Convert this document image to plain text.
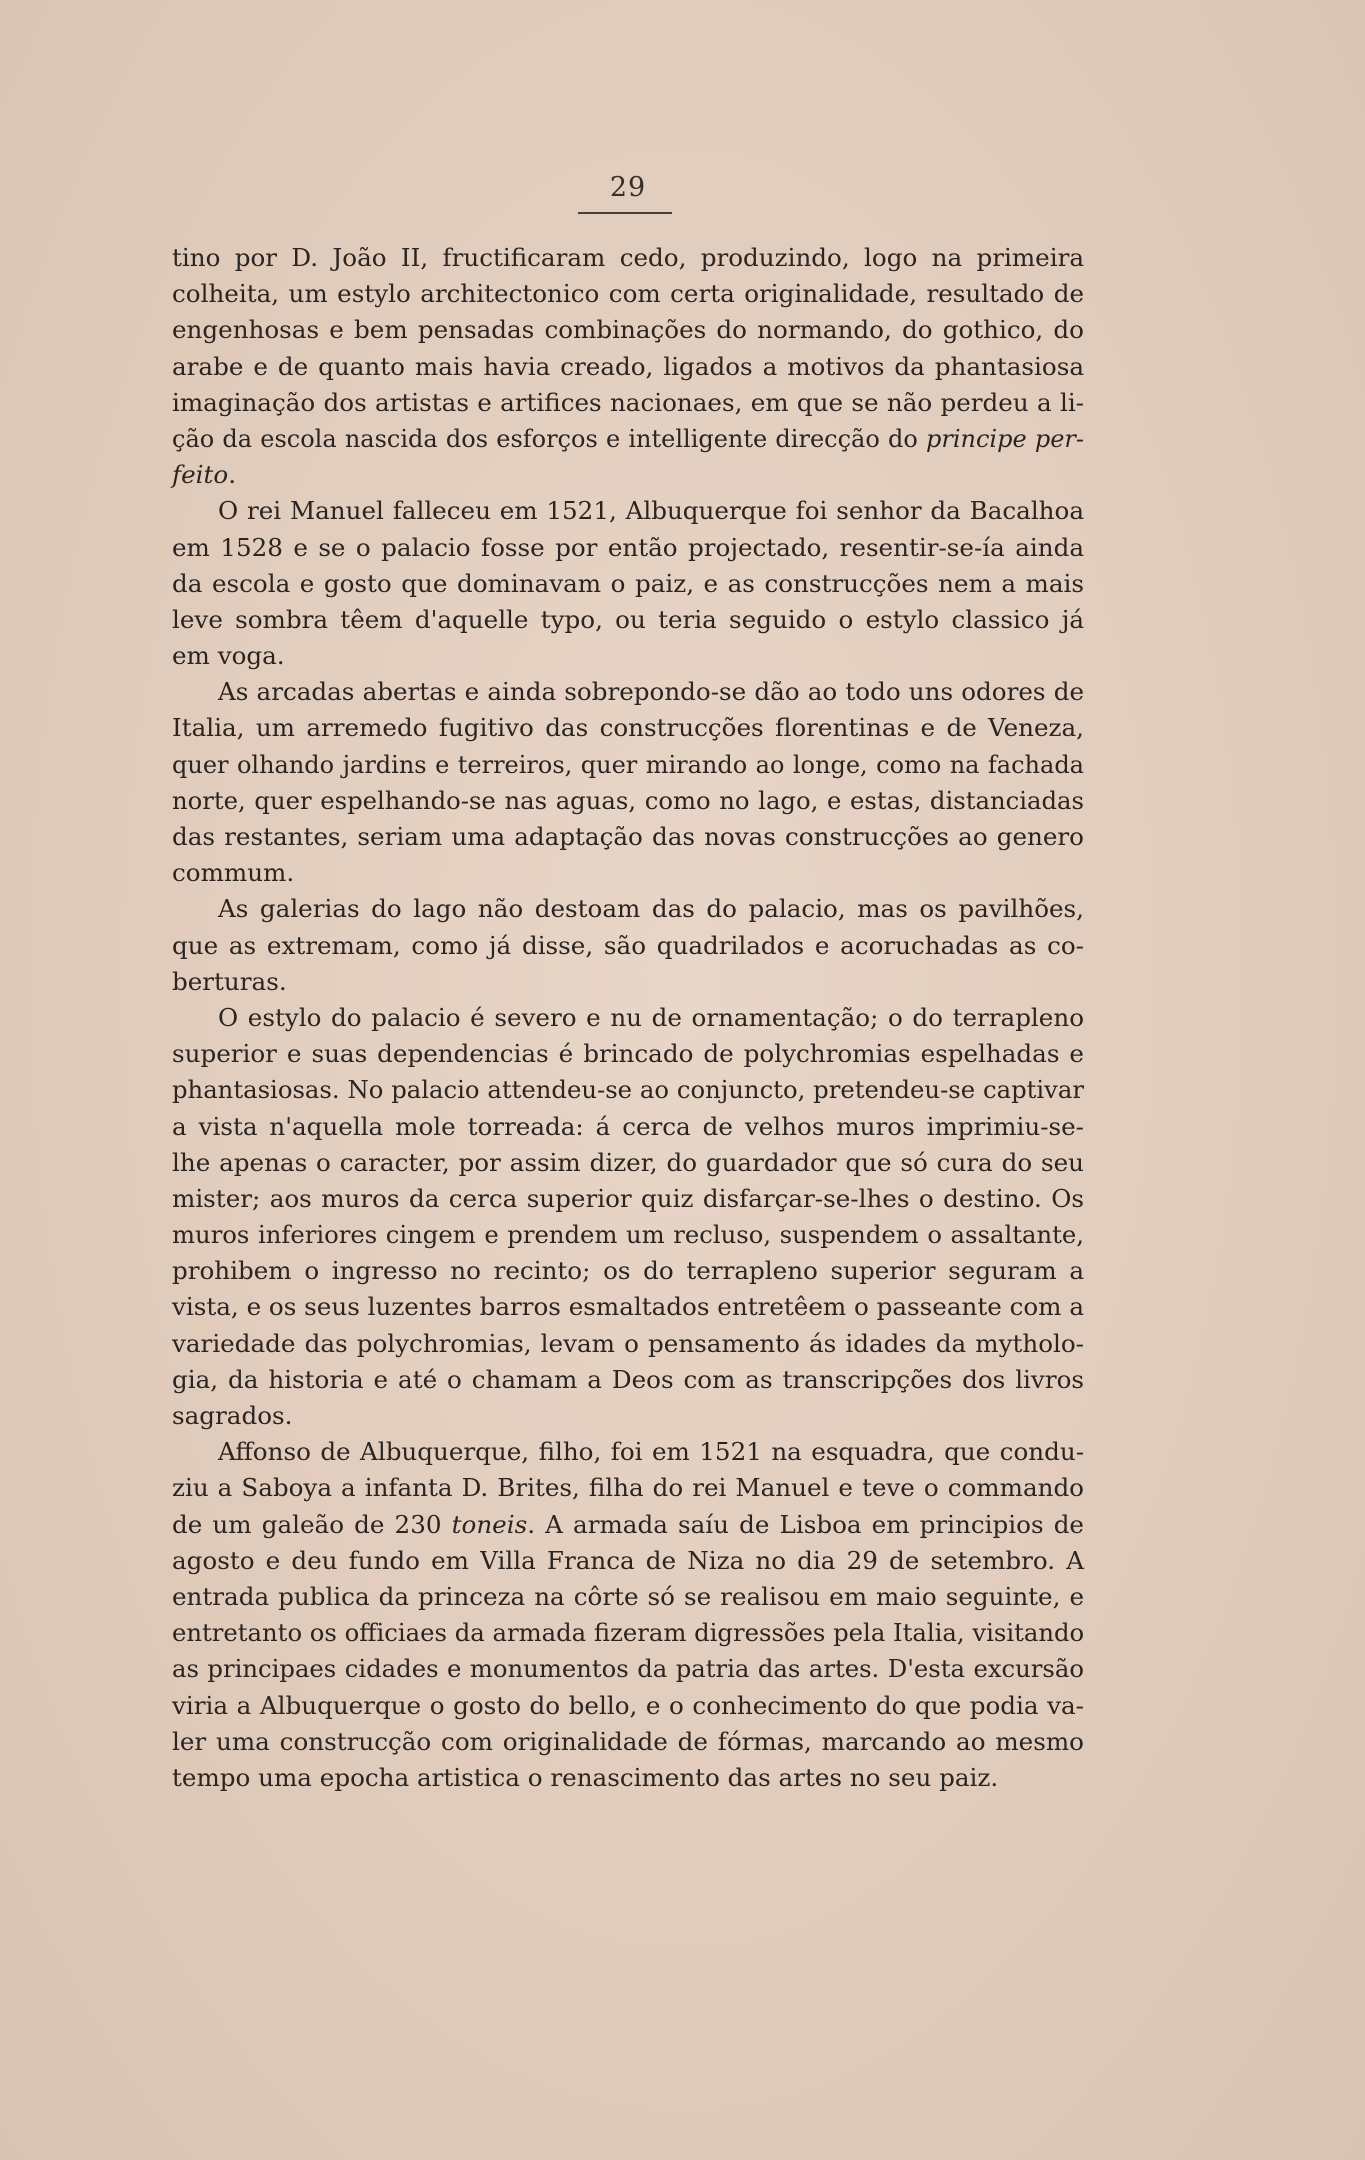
29
tino por D. João II, fructificaram cedo, produzindo, logo na primeira
colheita, um estylo architectonico com certa originalidade, resultado de
engenhosas e bem pensadas combinações do normando, do gothico, do
arabe e de quanto mais havia creado, ligados a motivos da phantasiosa
imaginação dos artistas e artifices nacionaes, em que se não perdeu a li-
ção da escola nascida dos esforços e intelligente direcção do principe per-
feito.
O rei Manuel falleceu em 1521, Albuquerque foi senhor da Bacalhoa
em 1528 e se o palacio fosse por então projectado, resentir-se-ía ainda
da escola e gosto que dominavam o paiz, e as construcções nem a mais
leve sombra têem d'aquelle typo, ou teria seguido o estylo classico já
em voga.
As arcadas abertas e ainda sobrepondo-se dão ao todo uns odores de
Italia, um arremedo fugitivo das construcções florentinas e de Veneza,
quer olhando jardins e terreiros, quer mirando ao longe, como na fachada
norte, quer espelhando-se nas aguas, como no lago, e estas, distanciadas
das restantes, seriam uma adaptação das novas construcções ao genero
commum.
As galerias do lago não destoam das do palacio, mas os pavilhões,
que as extremam, como já disse, são quadrilados e acoruchadas as co-
berturas.
O estylo do palacio é severo e nu de ornamentação; o do terrapleno
superior e suas dependencias é brincado de polychromias espelhadas e
phantasiosas. No palacio attendeu-se ao conjuncto, pretendeu-se captivar
a vista n'aquella mole torreada: á cerca de velhos muros imprimiu-se-
lhe apenas o caracter, por assim dizer, do guardador que só cura do seu
mister; aos muros da cerca superior quiz disfarçar-se-lhes o destino. Os
muros inferiores cingem e prendem um recluso, suspendem o assaltante,
prohibem o ingresso no recinto; os do terrapleno superior seguram a
vista, e os seus luzentes barros esmaltados entretêem o passeante com a
variedade das polychromias, levam o pensamento ás idades da mytholo-
gia, da historia e até o chamam a Deos com as transcripções dos livros
sagrados.
Affonso de Albuquerque, filho, foi em 1521 na esquadra, que condu-
ziu a Saboya a infanta D. Brites, filha do rei Manuel e teve o commando
de um galeão de 230 toneis. A armada saíu de Lisboa em principios de
agosto e deu fundo em Villa Franca de Niza no dia 29 de setembro. A
entrada publica da princeza na côrte só se realisou em maio seguinte, e
entretanto os officiaes da armada fizeram digressões pela Italia, visitando
as principaes cidades e monumentos da patria das artes. D'esta excursão
viria a Albuquerque o gosto do bello, e o conhecimento do que podia va-
ler uma construcção com originalidade de fórmas, marcando ao mesmo
tempo uma epocha artistica o renascimento das artes no seu paiz.
